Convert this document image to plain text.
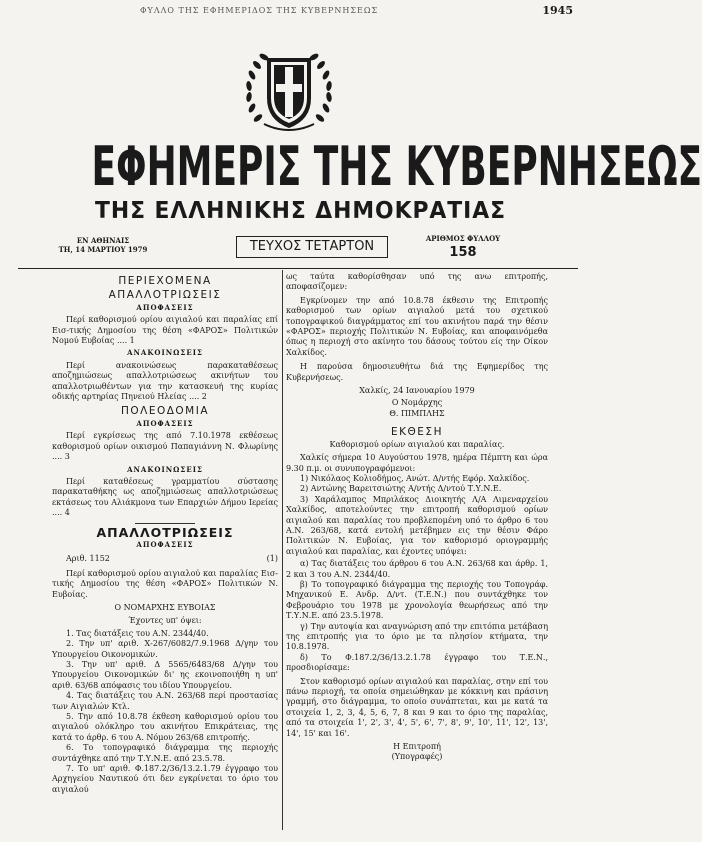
ΦΥΛΛΟ ΤΗΣ ΕΦΗΜΕΡΙΔΟΣ ΤΗΣ ΚΥΒΕΡΝΗΣΕΩΣ	1945
ΕΦΗΜΕΡΙΣ ΤΗΣ ΚΥΒΕΡΝΗΣΕΩΣ
ΤΗΣ ΕΛΛΗΝΙΚΗΣ ΔΗΜΟΚΡΑΤΙΑΣ
ΕΝ ΑΘΗΝΑΙΣ
ΤΗ, 14 ΜΑΡΤΙΟΥ 1979	ΤΕΥΧΟΣ ΤΕΤΑΡΤΟΝ
ΑΡΙΘΜΟΣ ΦΥΛΛΟΥ
158
ΠΕΡΙΕΧΟΜΕΝΑ
ΑΠΑΛΛΟΤΡΙΩΣΕΙΣ
ΑΠΟΦΑΣΕΙΣ

Περί καθορισμού ορίου αιγιαλού και παραλίας επί Εισ-τικής Δημοσίου της θέση «ΦΑΡΟΣ» Πολιτικών Νομού Ευβοίας .... 1

ΑΝΑΚΟΙΝΩΣΕΙΣ

Περί ανακοινώσεως παρακαταθέσεως αποζημιώσεως απαλλοτριώσεως ακινήτων του απαλλοτριωθέντων για την κατασκευή της κυρίας οδικής αρτηρίας Πηνειού Ηλείας .... 2

ΠΟΛΕΟΔΟΜΙΑ
ΑΠΟΦΑΣΕΙΣ

Περί εγκρίσεως της από 7.10.1978 εκθέσεως καθορισμού ορίων οικισμού Παπαγιάννη Ν. Φλωρίνης .... 3

ΑΝΑΚΟΙΝΩΣΕΙΣ

Περί καταθέσεως γραμματίου σύστασης παρακαταθήκης ως αποζημιώσεως απαλλοτριώσεως εκτάσεως του Αλιάκμονα των Επαρχιών Δήμου Ιερείας .... 4

ΑΠΑΛΛΟΤΡΙΩΣΕΙΣ
ΑΠΟΦΑΣΕΙΣ
Αριθ. 1152	(1)

Περί καθορισμού ορίου αιγιαλού και παραλίας Εισ-τικής Δημοσίου της θέση «ΦΑΡΟΣ» Πολιτικών Ν. Ευβοίας.

Ο ΝΟΜΑΡΧΗΣ ΕΥΒΟΙΑΣ
Έχοντες υπ' όψει:

1. Τας διατάξεις του Α.Ν. 2344/40.

2. Την υπ' αριθ. Χ-267/6082/7.9.1968 Δ/γην του Υπουργείου Οικονομικών.

3. Την υπ' αριθ. Δ 5565/6483/68 Δ/γην του Υπουργείου Οικονομικών δι' ης εκοινοποιήθη η υπ' αριθ. 63/68 απόφασις του ιδίου Υπουργείου.

4. Τας διατάξεις του Α.Ν. 263/68 περί προστασίας των Αιγιαλών Κτλ.

5. Την από 10.8.78 έκθεση καθορισμού ορίου του αιγιαλού ολόκληρο του ακινήτου Επικράτειας, της κατά το άρθρ. 6 του Α. Νόμου 263/68 επιτροπής.

6. Το τοπογραφικό διάγραμμα της περιοχής συντάχθηκε από την Τ.Υ.Ν.Ε. από 23.5.78.

7. Το υπ' αριθ. Φ.187.2/36/13.2.1.79 έγγραφο του Αρχηγείου Ναυτικού ότι δεν εγκρίνεται το όριο του αιγιαλού

ως ταύτα καθορίσθησαν υπό της ανω επιτροπής, αποφασίζομεν:

Εγκρίνομεν την από 10.8.78 έκθεσιν της Επιτροπής καθορισμού των ορίων αιγιαλού μετά του σχετικού τοπογραφικού διαγράμματος επί του ακινήτου παρά την θέσιν «ΦΑΡΟΣ» περιοχής Πολιτικών Ν. Ευβοίας, και αποφαινόμεθα όπως η περιοχή στο ακίνητο του δάσους τούτου είς την Οίκον Χαλκίδος.

Η παρούσα δημοσιευθήτω διά της Εφημερίδος της Κυβερνήσεως.

Χαλκίς, 24 Ιανουαρίου 1979
Ο Νομάρχης
Θ. ΠΙΜΠΛΗΣ
ΕΚΘΕΣΗ
Καθορισμού ορίων αιγιαλού και παραλίας.

Χαλκίς σήμερα 10 Αυγούστου 1978, ημέρα Πέμπτη και ώρα 9.30 π.μ. οι συνυπογραφόμενοι:

1) Νικόλαος Κολιοδήμος, Ανώτ. Δ/ντής Εφόρ. Χαλκίδος.

2) Αντώνης Βαρειτσιώτης Α/ντής Δ/ντού Τ.Υ.Ν.Ε.

3) Χαράλαμπος Μπριλάκος Διοικητής Λ/Α Λιμεναρχείου Χαλκίδος, αποτελούντες την επιτροπή καθορισμού ορίων αιγιαλού και παραλίας του προβλεπομένη υπό το άρθρο 6 του Α.Ν. 263/68, κατά εντολή μετέβημεν εις την θέσιν Φάρο Πολιτικών Ν. Ευβοίας, για τον καθορισμό οριογραμμής αιγιαλού και παραλίας, και έχοντες υπόψει:

α) Τας διατάξεις του άρθρου 6 του Α.Ν. 263/68 και άρθρ. 1, 2 και 3 του Α.Ν. 2344/40.

β) Το τοπογραφικό διάγραμμα της περιοχής του Τοπογράφ. Μηχανικού Ε. Ανδρ. Δ/ντ. (Τ.Ε.Ν.) που συντάχθηκε τον Φεβρουάριο του 1978 με χρονολογία θεωρήσεως από την Τ.Υ.Ν.Ε. από 23.5.1978.

γ) Την αυτοψία και αναγνώριση από την επιτόπια μετάβαση της επιτροπής για το όριο με τα πλησίον κτήματα, την 10.8.1978.

δ) Το Φ.187.2/36/13.2.1.78 έγγραφο του Τ.Ε.Ν., προσδιορίσαμε:

Στον καθορισμό ορίων αιγιαλού και παραλίας, στην επί του πάνω περιοχή, τα οποία σημειώθηκαν με κόκκινη και πράσινη γραμμή, στο διάγραμμα, το οποίο συνάπτεται, και με κατά τα στοιχεία 1, 2, 3, 4, 5, 6, 7, 8 και 9 και το όριο της παραλίας, από τα στοιχεία 1', 2', 3', 4', 5', 6', 7', 8', 9', 10', 11', 12', 13', 14', 15' και 16'.

Η Επιτροπή
(Υπογραφές)
